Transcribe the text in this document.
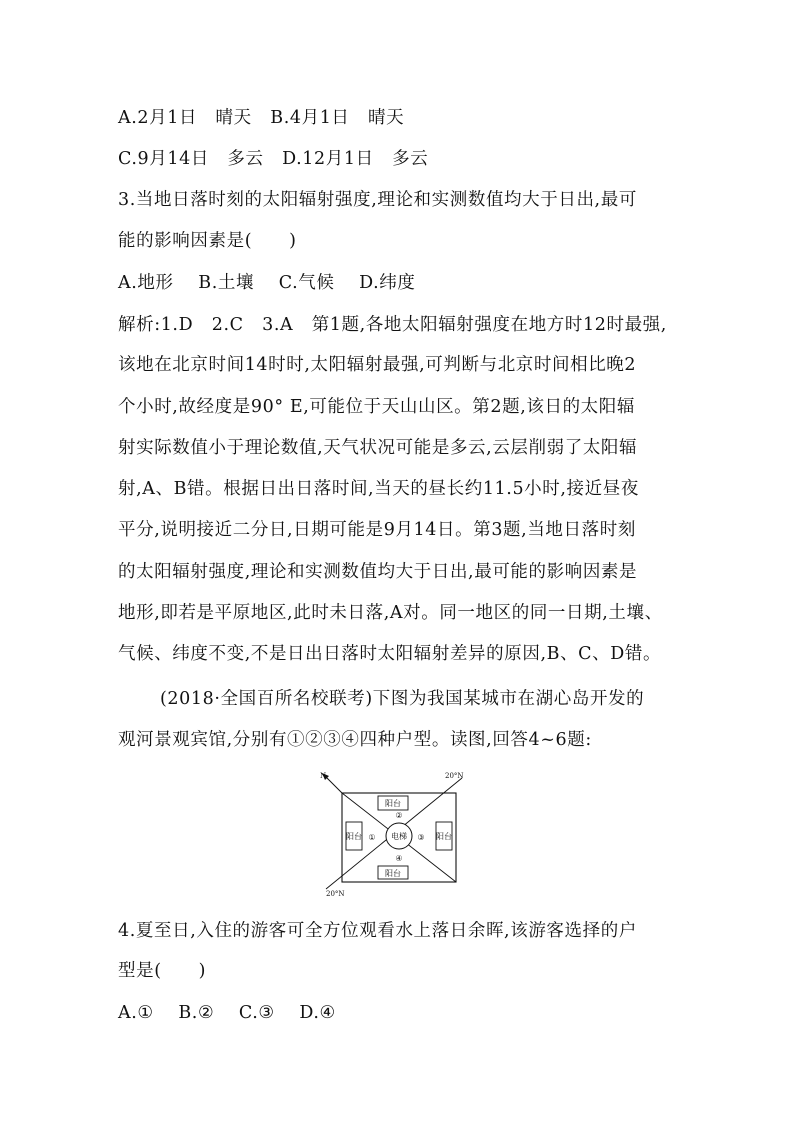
A.2月1日   晴天   B.4月1日   晴天
C.9月14日   多云   D.12月1日   多云
3.当地日落时刻的太阳辐射强度,理论和实测数值均大于日出,最可
能的影响因素是(      )
A.地形    B.土壤    C.气候    D.纬度
解析:1.D   2.C   3.A   第1题,各地太阳辐射强度在地方时12时最强,
该地在北京时间14时时,太阳辐射最强,可判断与北京时间相比晚2
个小时,故经度是90° E,可能位于天山山区。第2题,该日的太阳辐
射实际数值小于理论数值,天气状况可能是多云,云层削弱了太阳辐
射,A、B错。根据日出日落时间,当天的昼长约11.5小时,接近昼夜
平分,说明接近二分日,日期可能是9月14日。第3题,当地日落时刻
的太阳辐射强度,理论和实测数值均大于日出,最可能的影响因素是
地形,即若是平原地区,此时未日落,A对。同一地区的同一日期,土壤、
气候、纬度不变,不是日出日落时太阳辐射差异的原因,B、C、D错。
(2018·全国百所名校联考)下图为我国某城市在湖心岛开发的
观河景观宾馆,分别有①②③④四种户型。读图,回答4~6题:
N	20°N
20°N
电梯
阳台
阳台
阳台	阳台
①
②
③
④
4.夏至日,入住的游客可全方位观看水上落日余晖,该游客选择的户
型是(      )
A.①    B.②    C.③    D.④
